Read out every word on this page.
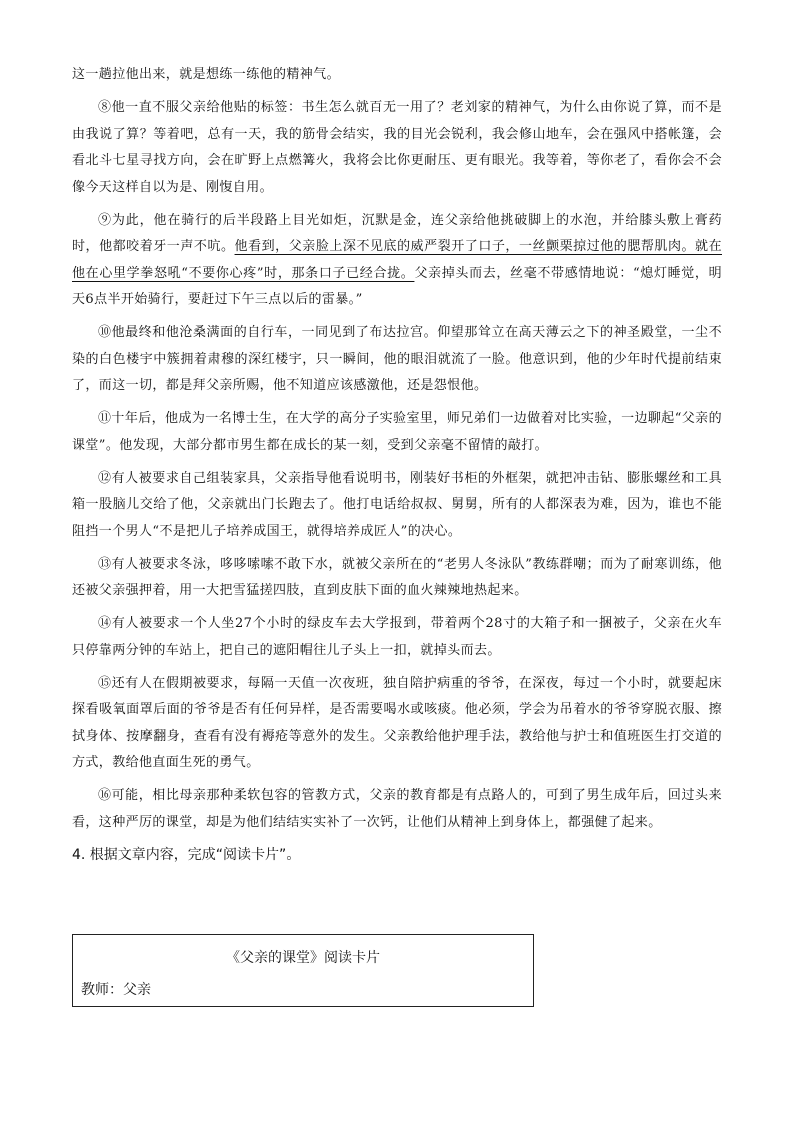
这一趟拉他出来，就是想练一练他的精神气。

⑧他一直不服父亲给他贴的标签：书生怎么就百无一用了？老刘家的精神气，为什么由你说了算，而不是由我说了算？等着吧，总有一天，我的筋骨会结实，我的目光会锐利，我会修山地车，会在强风中搭帐篷，会看北斗七星寻找方向，会在旷野上点燃篝火，我将会比你更耐压、更有眼光。我等着，等你老了，看你会不会像今天这样自以为是、刚愎自用。

⑨为此，他在骑行的后半段路上目光如炬，沉默是金，连父亲给他挑破脚上的水泡，并给膝头敷上膏药时，他都咬着牙一声不吭。他看到，父亲脸上深不见底的威严裂开了口子，一丝颤栗掠过他的腮帮肌肉。就在他在心里学拳怒吼“不要你心疼”时，那条口子已经合拢。父亲掉头而去，丝毫不带感情地说：“熄灯睡觉，明天6点半开始骑行，要赶过下午三点以后的雷暴。”

⑩他最终和他沧桑满面的自行车，一同见到了布达拉宫。仰望那耸立在高天薄云之下的神圣殿堂，一尘不染的白色楼宇中簇拥着肃穆的深红楼宇，只一瞬间，他的眼泪就流了一脸。他意识到，他的少年时代提前结束了，而这一切，都是拜父亲所赐，他不知道应该感激他，还是怨恨他。

⑪十年后，他成为一名博士生，在大学的高分子实验室里，师兄弟们一边做着对比实验，一边聊起“父亲的课堂”。他发现，大部分都市男生都在成长的某一刻，受到父亲毫不留情的敲打。

⑫有人被要求自己组装家具，父亲指导他看说明书，刚装好书柜的外框架，就把冲击钻、膨胀螺丝和工具箱一股脑儿交给了他，父亲就出门长跑去了。他打电话给叔叔、舅舅，所有的人都深表为难，因为，谁也不能阻挡一个男人“不是把儿子培养成国王，就得培养成匠人”的决心。

⑬有人被要求冬泳，哆哆嗦嗦不敢下水，就被父亲所在的“老男人冬泳队”教练群嘲；而为了耐寒训练，他还被父亲强押着，用一大把雪猛搓四肢，直到皮肤下面的血火辣辣地热起来。

⑭有人被要求一个人坐27个小时的绿皮车去大学报到，带着两个28寸的大箱子和一捆被子，父亲在火车只停靠两分钟的车站上，把自己的遮阳帽往儿子头上一扣，就掉头而去。

⑮还有人在假期被要求，每隔一天值一次夜班，独自陪护病重的爷爷，在深夜，每过一个小时，就要起床探看吸氧面罩后面的爷爷是否有任何异样，是否需要喝水或咳痰。他必须，学会为吊着水的爷爷穿脱衣服、擦拭身体、按摩翻身，查看有没有褥疮等意外的发生。父亲教给他护理手法，教给他与护士和值班医生打交道的方式，教给他直面生死的勇气。

⑯可能，相比母亲那种柔软包容的管教方式，父亲的教育都是有点路人的，可到了男生成年后，回过头来看，这种严厉的课堂，却是为他们结结实实补了一次钙，让他们从精神上到身体上，都强健了起来。

4. 根据文章内容，完成“阅读卡片”。

《父亲的课堂》阅读卡片
教师：父亲
